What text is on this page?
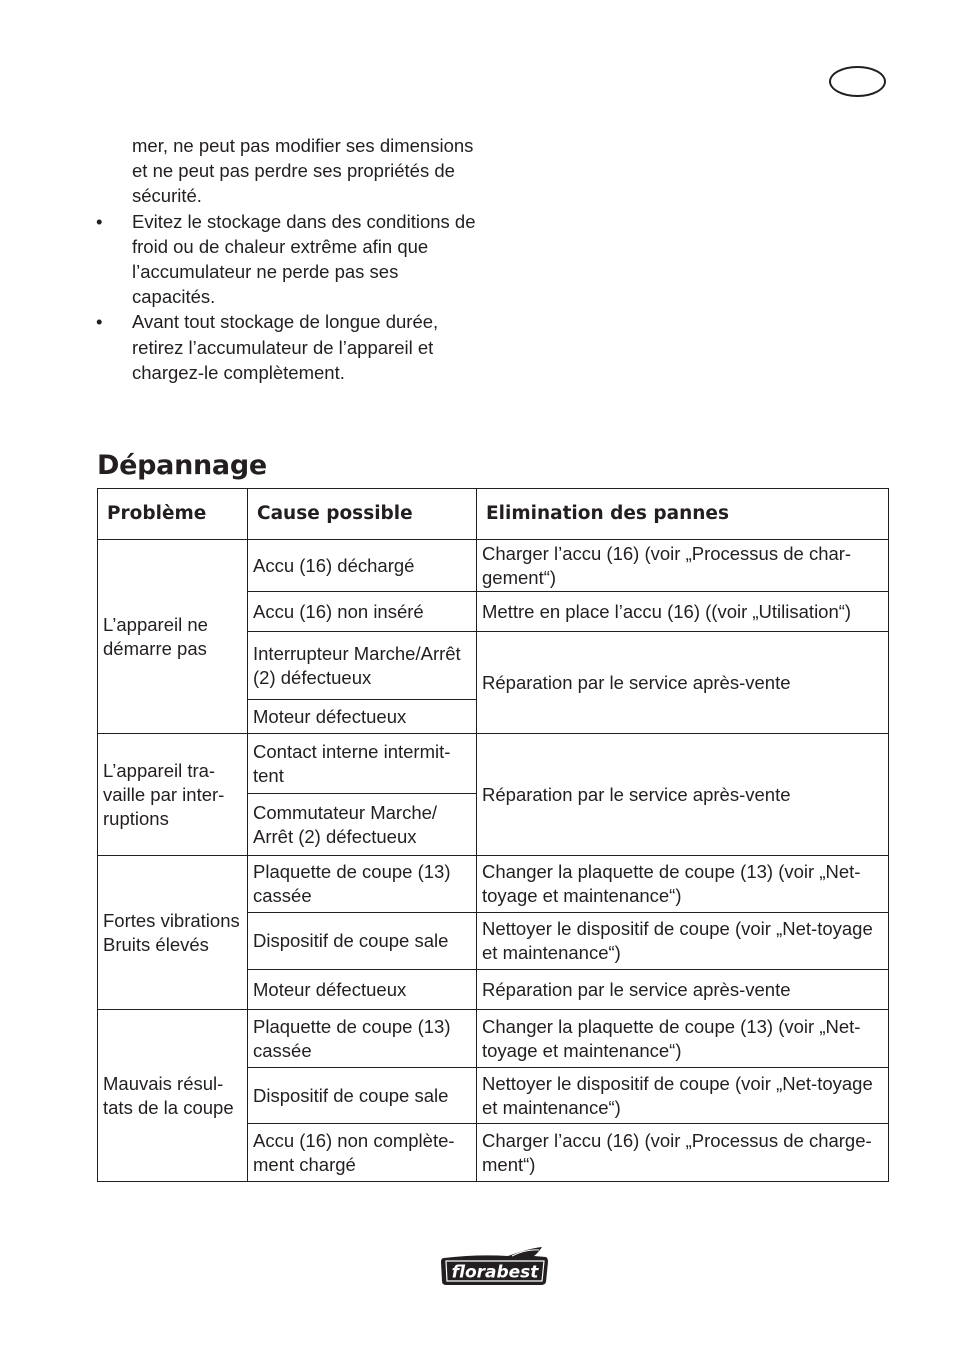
mer, ne peut pas modifier ses dimensions et ne peut pas perdre ses propriétés de sécurité.

• Evitez le stockage dans des conditions de froid ou de chaleur extrême afin que l’accumulateur ne perde pas ses capacités.
• Avant tout stockage de longue durée, retirez l’accumulateur de l’appareil et chargez-le complètement.
Dépannage
Problème	Cause possible	Elimination des pannes
L’appareil ne démarre pas	Accu (16) déchargé	Charger l’accu (16) (voir „Processus de char-gement“)
	Accu (16) non inséré	Mettre en place l’accu (16) ((voir „Utilisation“)
	Interrupteur Marche/Arrêt (2) défectueux	Réparation par le service après-vente
	Moteur défectueux	
L’appareil tra-vaille par inter-ruptions	Contact interne intermit-tent	Réparation par le service après-vente
	Commutateur Marche/ Arrêt (2) défectueux	
Fortes vibrations Bruits élevés	Plaquette de coupe (13) cassée	Changer la plaquette de coupe (13) (voir „Net-toyage et maintenance“)
	Dispositif de coupe sale	Nettoyer le dispositif de coupe (voir „Net-toyage et maintenance“)
	Moteur défectueux	Réparation par le service après-vente
Mauvais résul-tats de la coupe	Plaquette de coupe (13) cassée	Changer la plaquette de coupe (13) (voir „Net-toyage et maintenance“)
	Dispositif de coupe sale	Nettoyer le dispositif de coupe (voir „Net-toyage et maintenance“)
	Accu (16) non complète-ment chargé	Charger l’accu (16) (voir „Processus de charge-ment“)
florabest
